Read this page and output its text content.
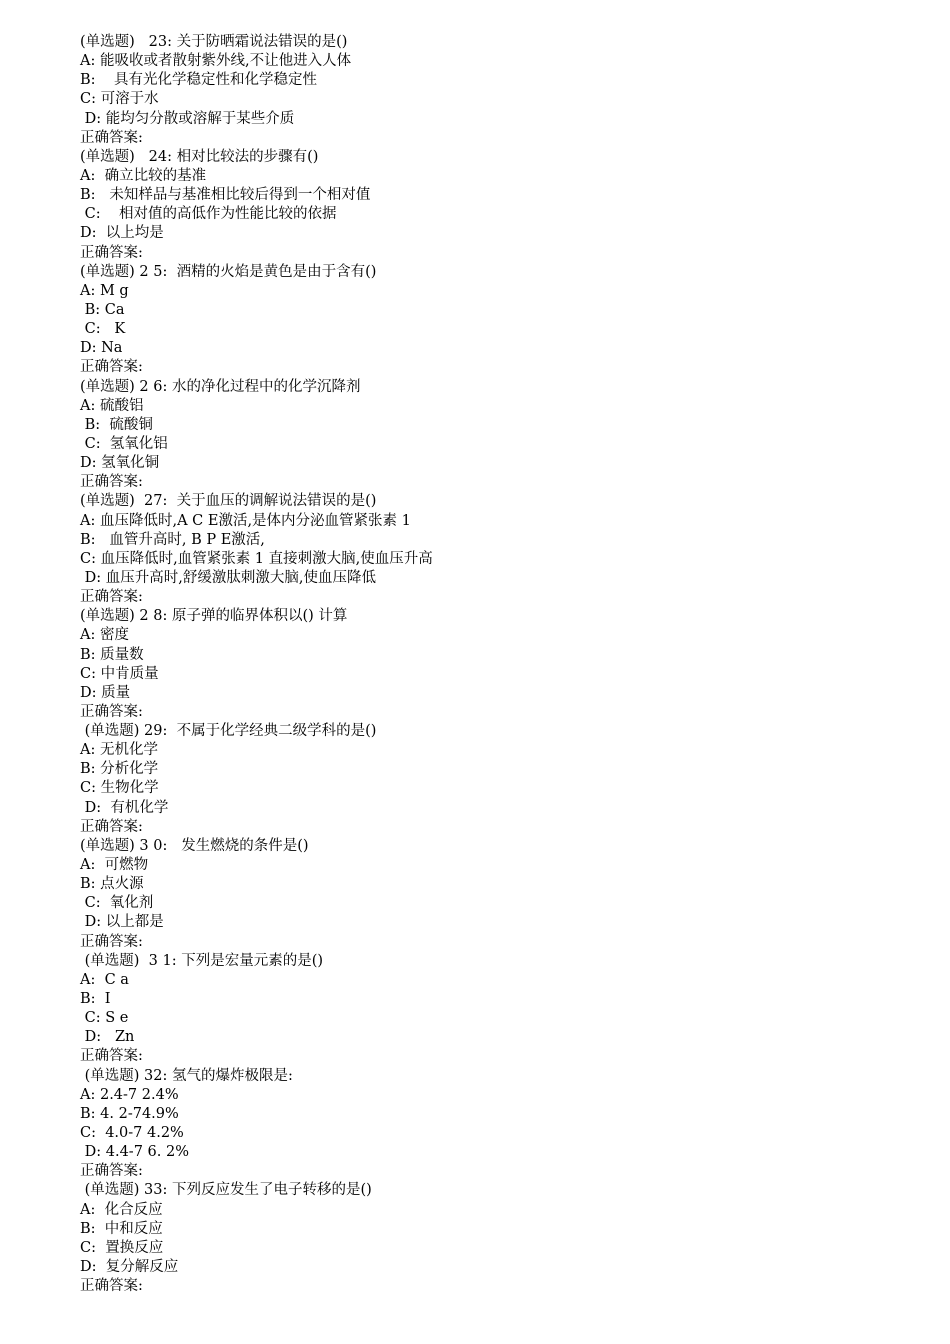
(单选题)   23: 关于防晒霜说法错误的是()
A: 能吸收或者散射紫外线,不让他进入人体
B:    具有光化学稳定性和化学稳定性
C: 可溶于水
D: 能均匀分散或溶解于某些介质
正确答案:
(单选题)   24: 相对比较法的步骤有()
A:  确立比较的基准
B:   未知样品与基准相比较后得到一个相对值
C:    相对值的高低作为性能比较的依据
D:  以上均是
正确答案:
(单选题) 2 5:  酒精的火焰是黄色是由于含有()
A: M g
B: Ca
C:   K
D: Na
正确答案:
(单选题) 2 6: 水的净化过程中的化学沉降剂
A: 硫酸铝
B:  硫酸铜
C:  氢氧化铝
D: 氢氧化铜
正确答案:
(单选题)  27:  关于血压的调解说法错误的是()
A: 血压降低时,A C E激活,是体内分泌血管紧张素 1
B:   血管升高时, B P E激活,
C: 血压降低时,血管紧张素 1 直接刺激大脑,使血压升高
D: 血压升高时,舒缓激肽刺激大脑,使血压降低
正确答案:
(单选题) 2 8: 原子弹的临界体积以() 计算
A: 密度
B: 质量数
C: 中肯质量
D: 质量
正确答案:
(单选题) 29:  不属于化学经典二级学科的是()
A: 无机化学
B: 分析化学
C: 生物化学
D:  有机化学
正确答案:
(单选题) 3 0:   发生燃烧的条件是()
A:  可燃物
B: 点火源
C:  氧化剂
D: 以上都是
正确答案:
(单选题)  3 1: 下列是宏量元素的是()
A:  C a
B:  I
C: S e
D:   Zn
正确答案:
(单选题) 32: 氢气的爆炸极限是:
A: 2.4-7 2.4%
B: 4. 2-74.9%
C:  4.0-7 4.2%
D: 4.4-7 6. 2%
正确答案:
(单选题) 33: 下列反应发生了电子转移的是()
A:  化合反应
B:  中和反应
C:  置换反应
D:  复分解反应
正确答案:
